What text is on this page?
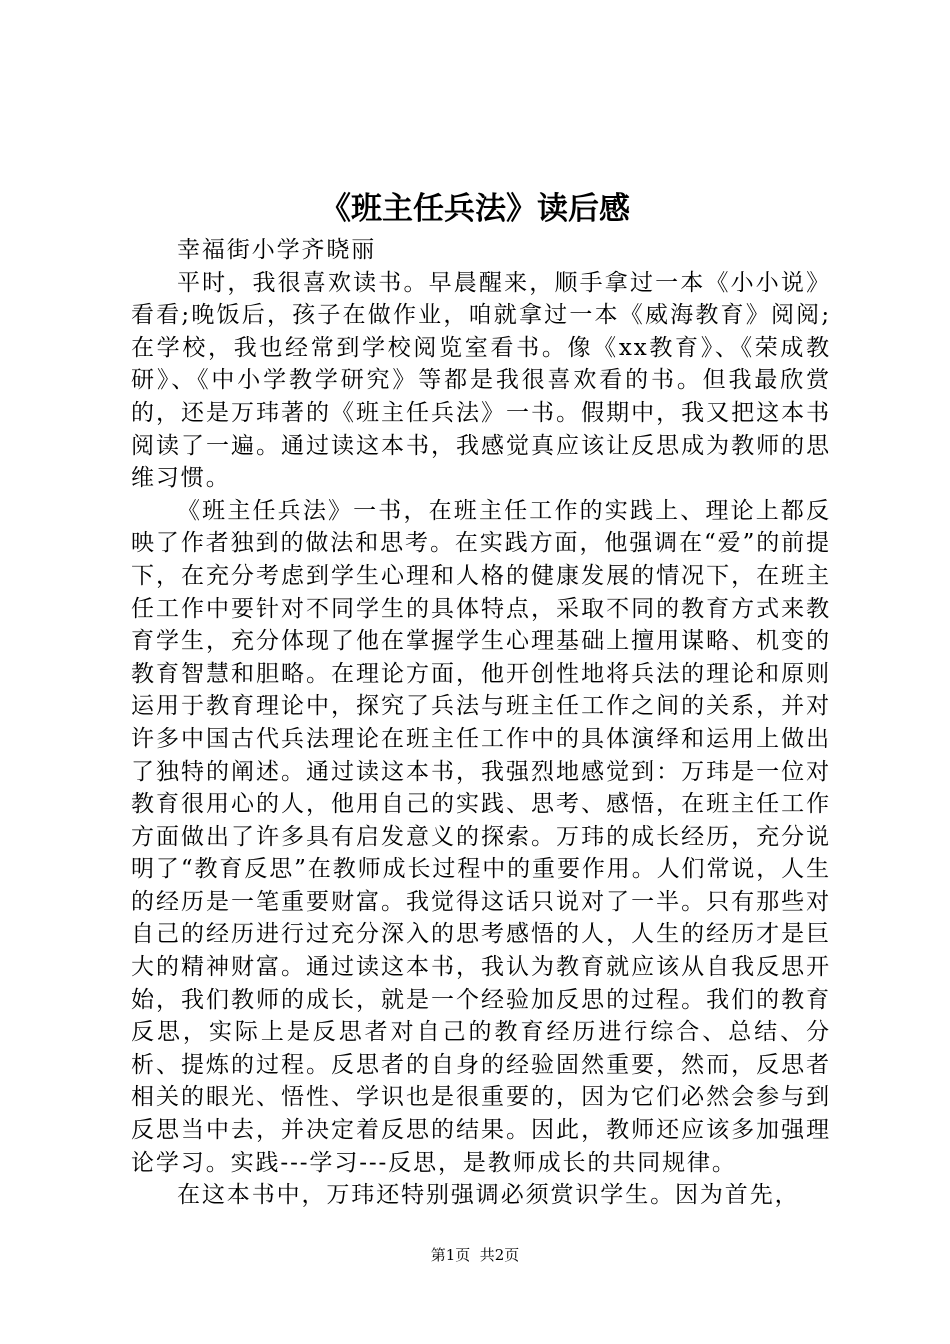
《班主任兵法》读后感

幸福街小学齐晓丽

平时，我很喜欢读书。早晨醒来，顺手拿过一本《小小说》看看;晚饭后，孩子在做作业，咱就拿过一本《威海教育》阅阅;在学校，我也经常到学校阅览室看书。像《xx教育》、《荣成教研》、《中小学教学研究》等都是我很喜欢看的书。但我最欣赏的，还是万玮著的《班主任兵法》一书。假期中，我又把这本书阅读了一遍。通过读这本书，我感觉真应该让反思成为教师的思维习惯。

《班主任兵法》一书，在班主任工作的实践上、理论上都反映了作者独到的做法和思考。在实践方面，他强调在“爱”的前提下，在充分考虑到学生心理和人格的健康发展的情况下，在班主任工作中要针对不同学生的具体特点，采取不同的教育方式来教育学生，充分体现了他在掌握学生心理基础上擅用谋略、机变的教育智慧和胆略。在理论方面，他开创性地将兵法的理论和原则运用于教育理论中，探究了兵法与班主任工作之间的关系，并对许多中国古代兵法理论在班主任工作中的具体演绎和运用上做出了独特的阐述。通过读这本书，我强烈地感觉到：万玮是一位对教育很用心的人，他用自己的实践、思考、感悟，在班主任工作方面做出了许多具有启发意义的探索。万玮的成长经历，充分说明了“教育反思”在教师成长过程中的重要作用。人们常说，人生的经历是一笔重要财富。我觉得这话只说对了一半。只有那些对自己的经历进行过充分深入的思考感悟的人，人生的经历才是巨大的精神财富。通过读这本书，我认为教育就应该从自我反思开始，我们教师的成长，就是一个经验加反思的过程。我们的教育反思，实际上是反思者对自己的教育经历进行综合、总结、分析、提炼的过程。反思者的自身的经验固然重要，然而，反思者相关的眼光、悟性、学识也是很重要的，因为它们必然会参与到反思当中去，并决定着反思的结果。因此，教师还应该多加强理论学习。实践---学习---反思，是教师成长的共同规律。

在这本书中，万玮还特别强调必须赏识学生。因为首先，

第1页  共2页
